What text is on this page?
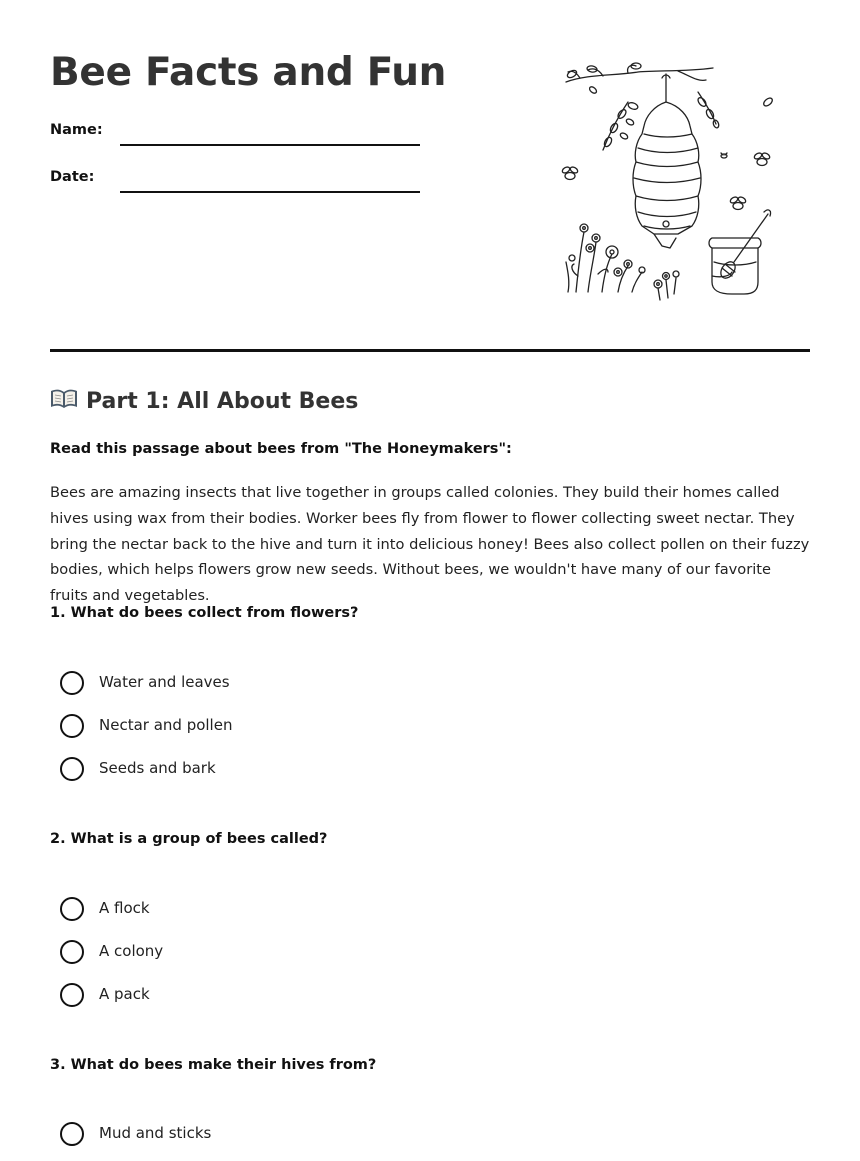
Bee Facts and Fun
Name:
Date:
Part 1: All About Bees

Read this passage about bees from "The Honeymakers":

Bees are amazing insects that live together in groups called colonies. They build their homes called hives using wax from their bodies. Worker bees fly from flower to flower collecting sweet nectar. They bring the nectar back to the hive and turn it into delicious honey! Bees also collect pollen on their fuzzy bodies, which helps flowers grow new seeds. Without bees, we wouldn't have many of our favorite fruits and vegetables.

1. What do bees collect from flowers?

Water and leaves
Nectar and pollen
Seeds and bark

2. What is a group of bees called?

A flock
A colony
A pack

3. What do bees make their hives from?

Mud and sticks
